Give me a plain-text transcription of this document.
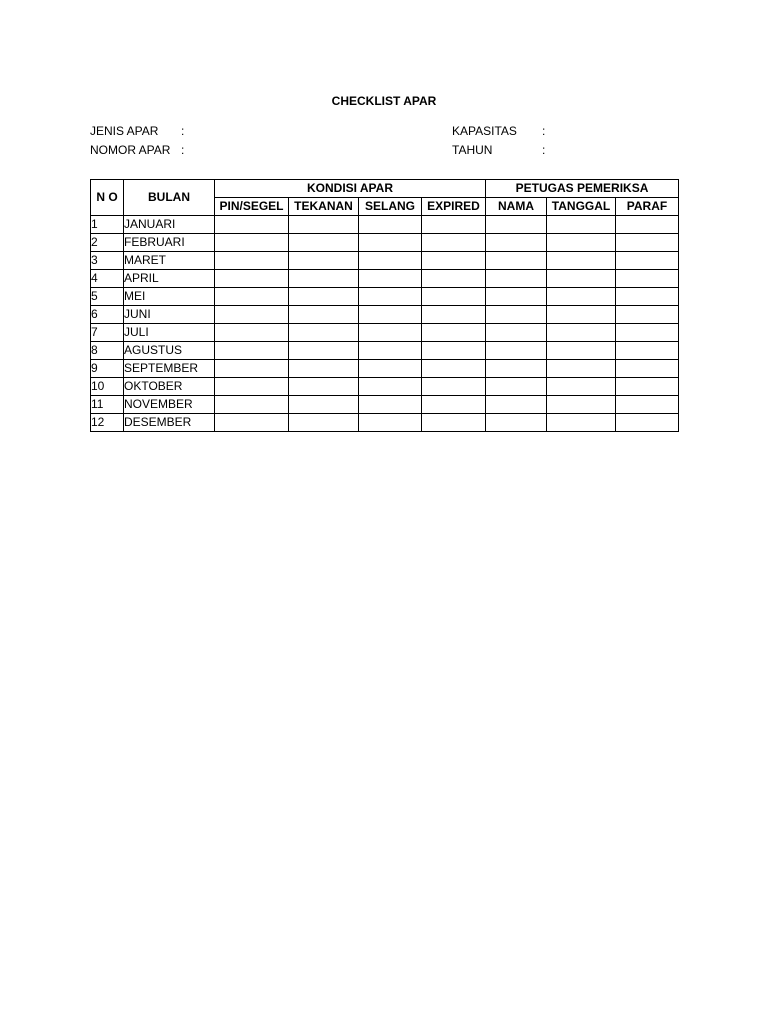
CHECKLIST APAR
JENIS APAR :
NOMOR APAR :
KAPASITAS :
TAHUN	:
N O	BULAN	KONDISI APAR				PETUGAS PEMERIKSA		
		PIN/SEGEL	TEKANAN	SELANG	EXPIRED	NAMA	TANGGAL	PARAF
1	JANUARI							
2	FEBRUARI							
3	MARET							
4	APRIL							
5	MEI							
6	JUNI							
7	JULI							
8	AGUSTUS							
9	SEPTEMBER							
10	OKTOBER							
11	NOVEMBER							
12	DESEMBER							
